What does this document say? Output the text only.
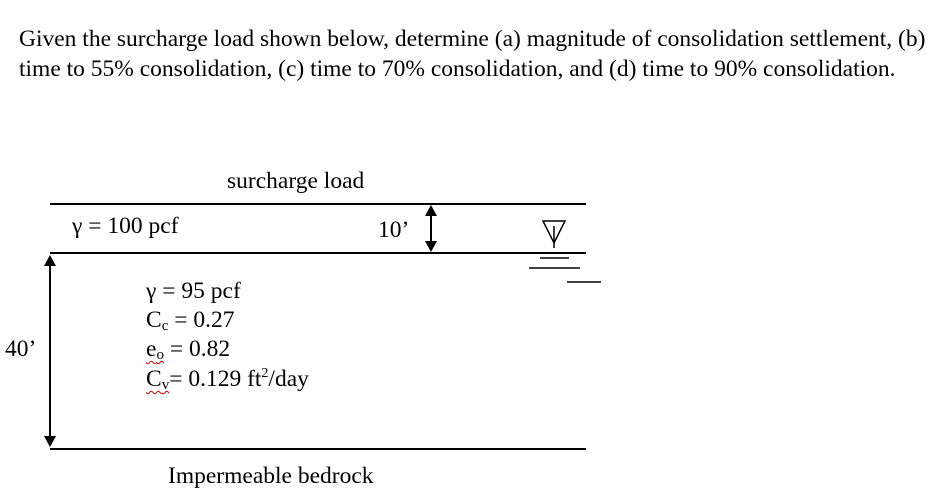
Given the surcharge load shown below, determine (a) magnitude of consolidation settlement, (b) time to 55% consolidation, (c) time to 70% consolidation, and (d) time to 90% consolidation.

surcharge load
γ = 100 pcf	10’
γ = 95 pcf
$C_c = 0.27$
$e_o = 0.82$
$C_v= 0.129$ $ft^2$/day
40’
Impermeable bedrock
